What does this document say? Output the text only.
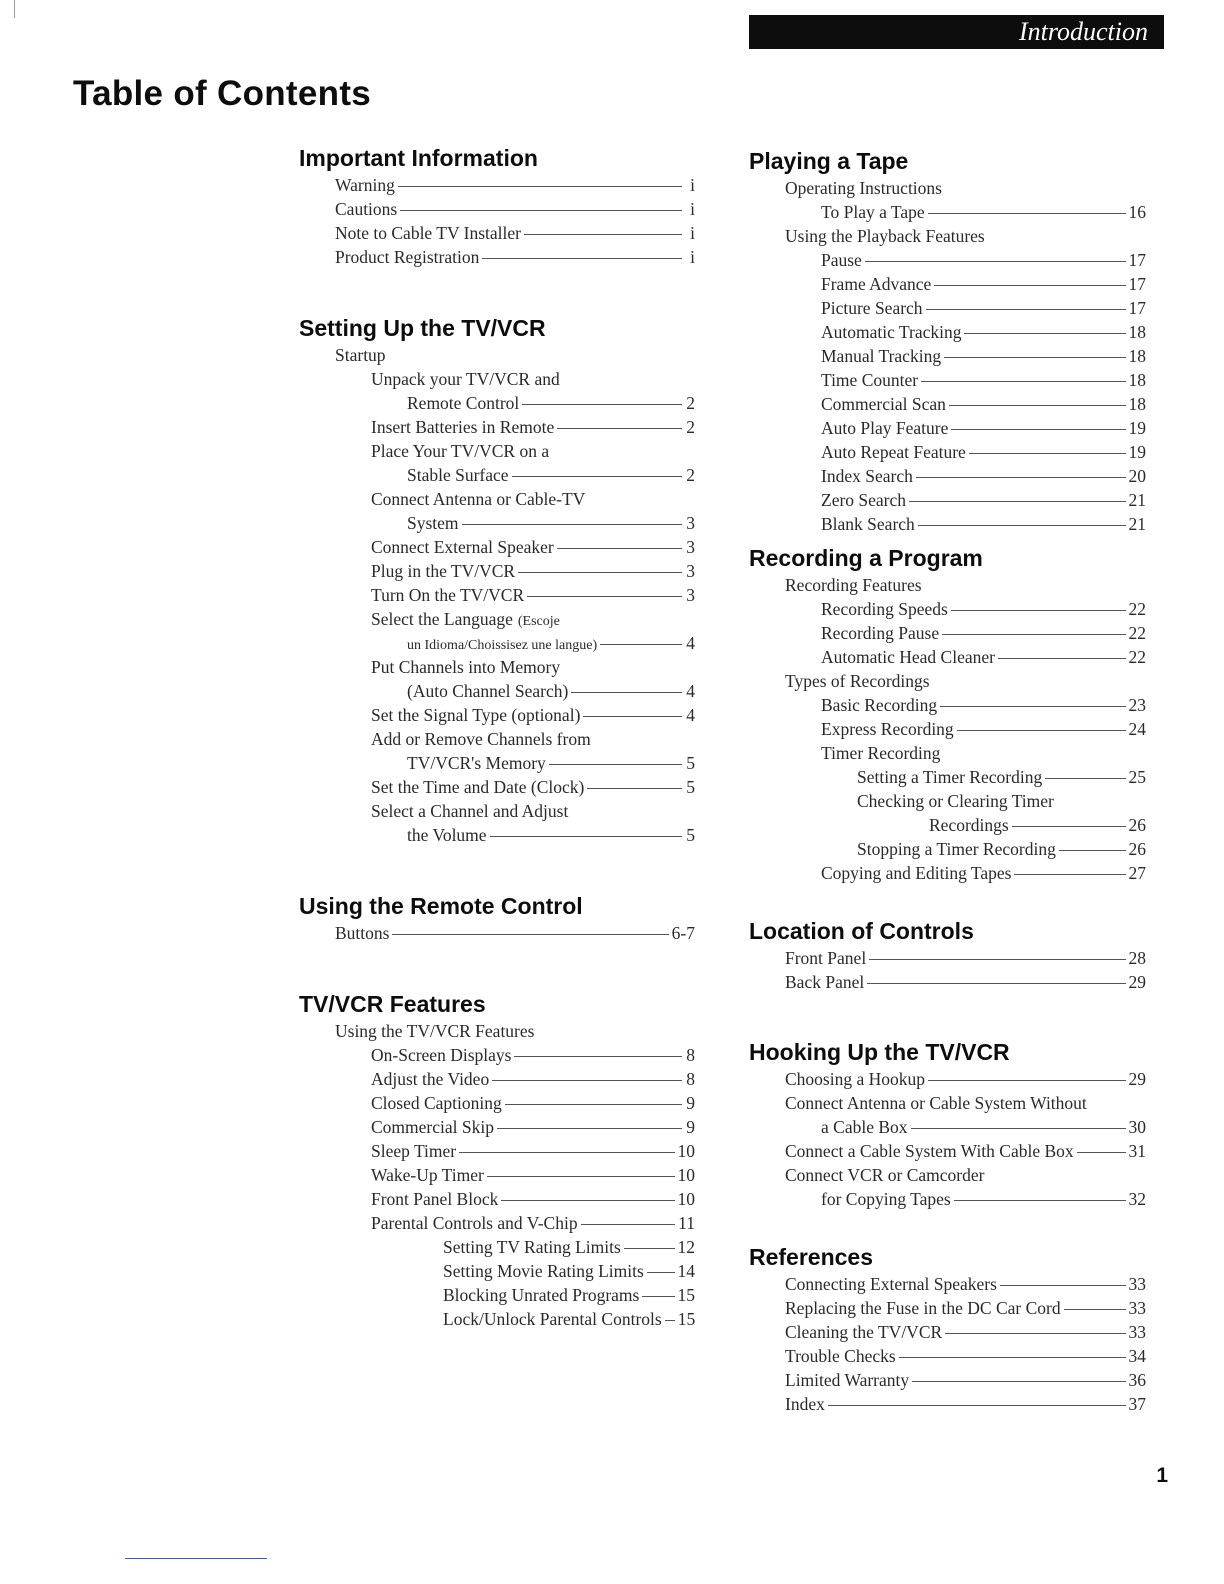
Introduction
Table of Contents
Important Information
Warning	i
Cautions	i
Note to Cable TV Installer	i
Product Registration	i
Setting Up the TV/VCR
Startup
Unpack your TV/VCR and
Remote Control	2
Insert Batteries in Remote	2
Place Your TV/VCR on a
Stable Surface	2
Connect Antenna or Cable-TV
System	3
Connect External Speaker	3
Plug in the TV/VCR	3
Turn On the TV/VCR	3
Select the Language (Escoje
un Idioma/Choissisez une langue)	4
Put Channels into Memory
(Auto Channel Search)	4
Set the Signal Type (optional)	4
Add or Remove Channels from
TV/VCR's Memory	5
Set the Time and Date (Clock)	5
Select a Channel and Adjust
the Volume	5
Using the Remote Control
Buttons	6-7
TV/VCR Features
Using the TV/VCR Features
On-Screen Displays	8
Adjust the Video	8
Closed Captioning	9
Commercial Skip	9
Sleep Timer	10
Wake-Up Timer	10
Front Panel Block	10
Parental Controls and V-Chip	11
Setting TV Rating Limits	12
Setting Movie Rating Limits 14
Blocking Unrated Programs 15
Lock/Unlock Parental Controls 15
Playing a Tape
Operating Instructions
To Play a Tape	16
Using the Playback Features
Pause	17
Frame Advance	17
Picture Search	17
Automatic Tracking	18
Manual Tracking	18
Time Counter	18
Commercial Scan	18
Auto Play Feature	19
Auto Repeat Feature	19
Index Search	20
Zero Search	21
Blank Search	21
Recording a Program
Recording Features
Recording Speeds	22
Recording Pause	22
Automatic Head Cleaner	22
Types of Recordings
Basic Recording	23
Express Recording	24
Timer Recording
Setting a Timer Recording	25
Checking or Clearing Timer
Recordings	26
Stopping a Timer Recording	26
Copying and Editing Tapes	27
Location of Controls
Front Panel	28
Back Panel	29
Hooking Up the TV/VCR
Choosing a Hookup	29
Connect Antenna or Cable System Without
a Cable Box	30
Connect a Cable System With Cable Box	31
Connect VCR or Camcorder
for Copying Tapes	32
References
Connecting External Speakers	33
Replacing the Fuse in the DC Car Cord	33
Cleaning the TV/VCR	33
Trouble Checks	34
Limited Warranty	36
Index	37
1
